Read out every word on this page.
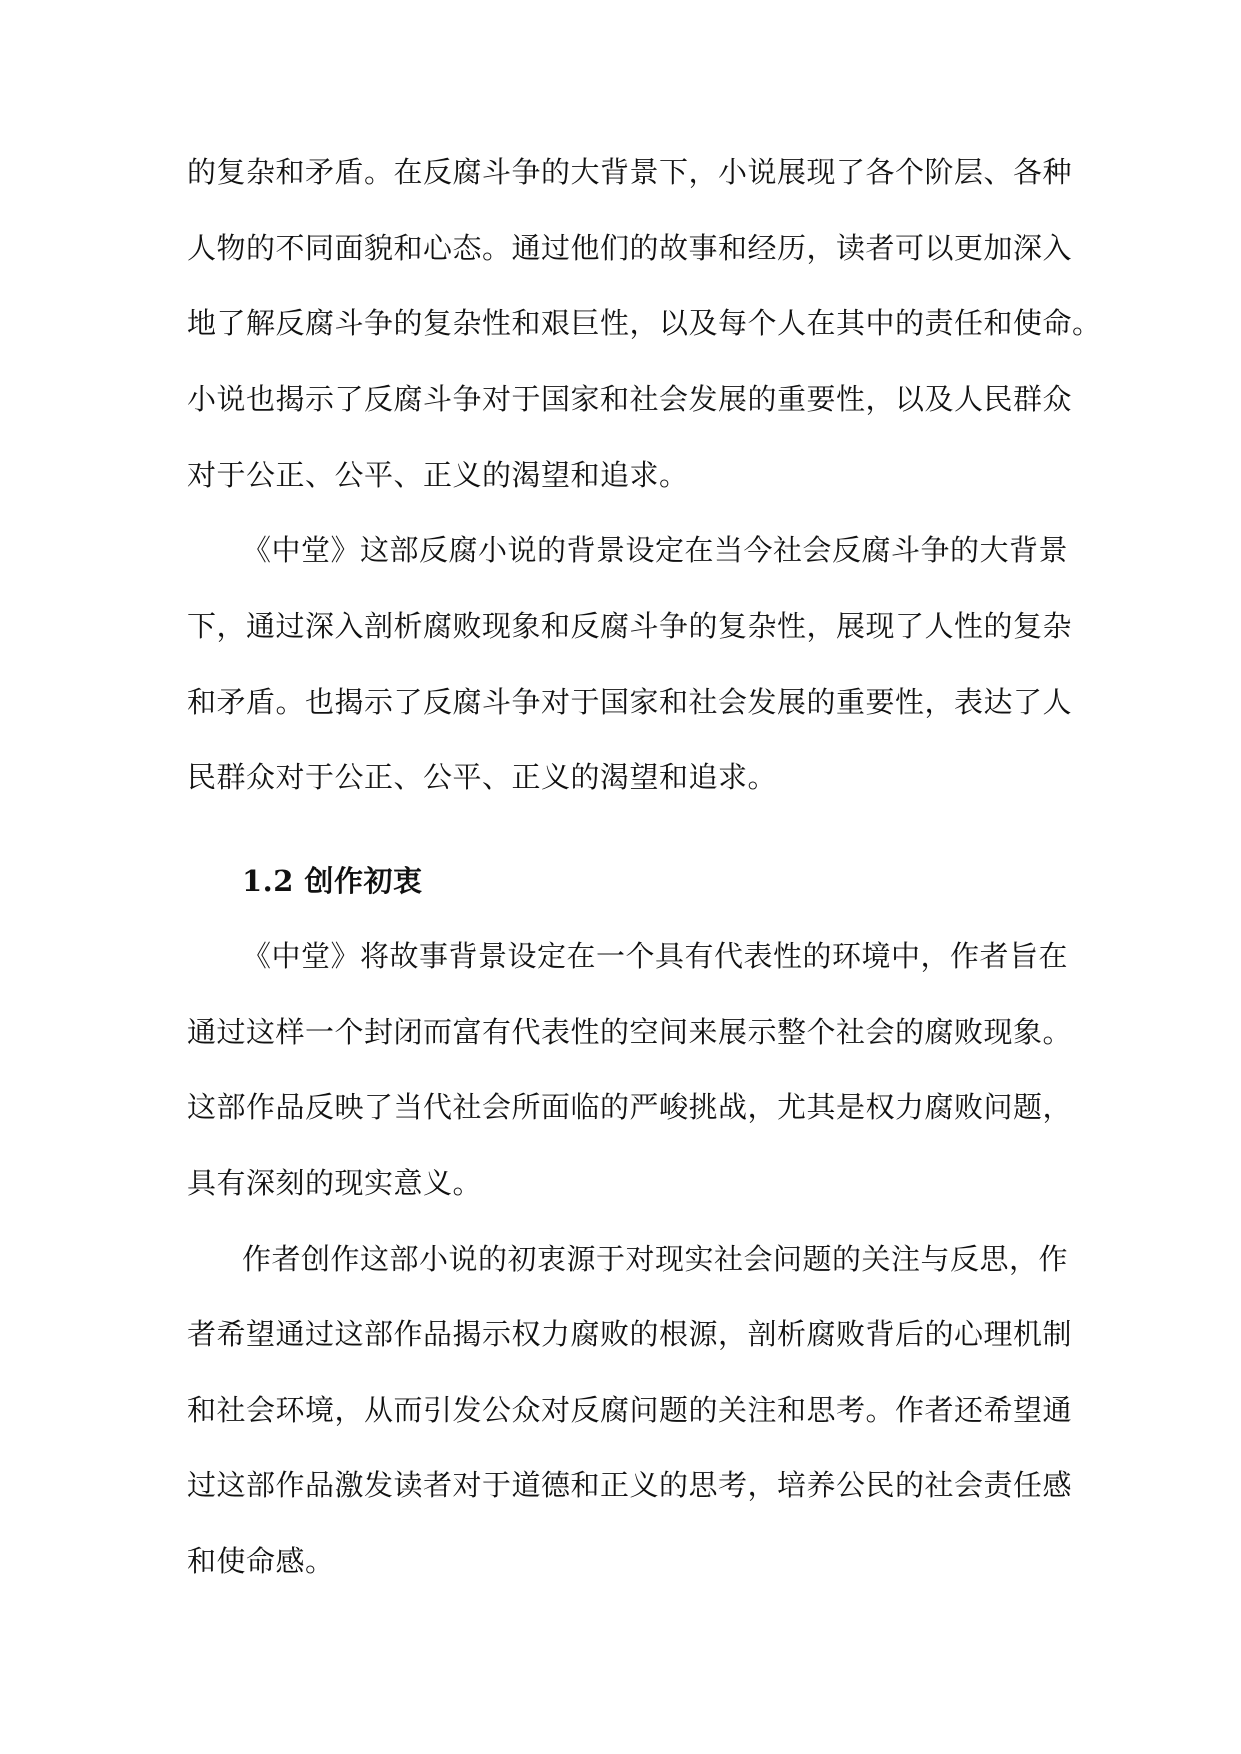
的复杂和矛盾。在反腐斗争的大背景下，小说展现了各个阶层、各种
人物的不同面貌和心态。通过他们的故事和经历，读者可以更加深入
地了解反腐斗争的复杂性和艰巨性，以及每个人在其中的责任和使命。
小说也揭示了反腐斗争对于国家和社会发展的重要性，以及人民群众
对于公正、公平、正义的渴望和追求。
《中堂》这部反腐小说的背景设定在当今社会反腐斗争的大背景
下，通过深入剖析腐败现象和反腐斗争的复杂性，展现了人性的复杂
和矛盾。也揭示了反腐斗争对于国家和社会发展的重要性，表达了人
民群众对于公正、公平、正义的渴望和追求。
1.2 创作初衷
《中堂》将故事背景设定在一个具有代表性的环境中，作者旨在
通过这样一个封闭而富有代表性的空间来展示整个社会的腐败现象。
这部作品反映了当代社会所面临的严峻挑战，尤其是权力腐败问题，
具有深刻的现实意义。
作者创作这部小说的初衷源于对现实社会问题的关注与反思，作
者希望通过这部作品揭示权力腐败的根源，剖析腐败背后的心理机制
和社会环境，从而引发公众对反腐问题的关注和思考。作者还希望通
过这部作品激发读者对于道德和正义的思考，培养公民的社会责任感
和使命感。
